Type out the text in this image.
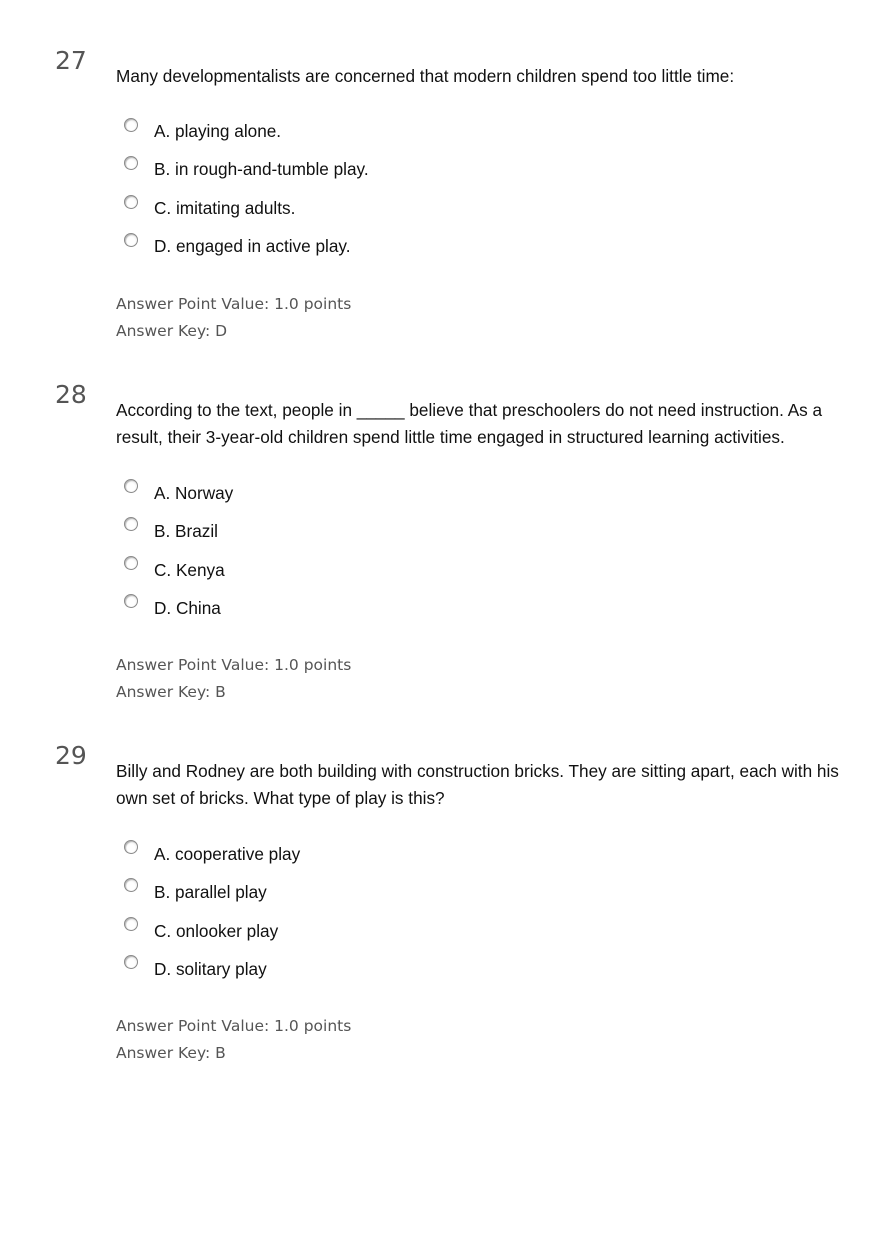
27
Many developmentalists are concerned that modern children spend too little time:
A. playing alone.
B. in rough-and-tumble play.
C. imitating adults.
D. engaged in active play.
Answer Point Value: 1.0 points
Answer Key: D
28
According to the text, people in _____ believe that preschoolers do not need instruction. As a result, their 3-year-old children spend little time engaged in structured learning activities.
A. Norway
B. Brazil
C. Kenya
D. China
Answer Point Value: 1.0 points
Answer Key: B
29
Billy and Rodney are both building with construction bricks. They are sitting apart, each with his own set of bricks. What type of play is this?
A. cooperative play
B. parallel play
C. onlooker play
D. solitary play
Answer Point Value: 1.0 points
Answer Key: B
